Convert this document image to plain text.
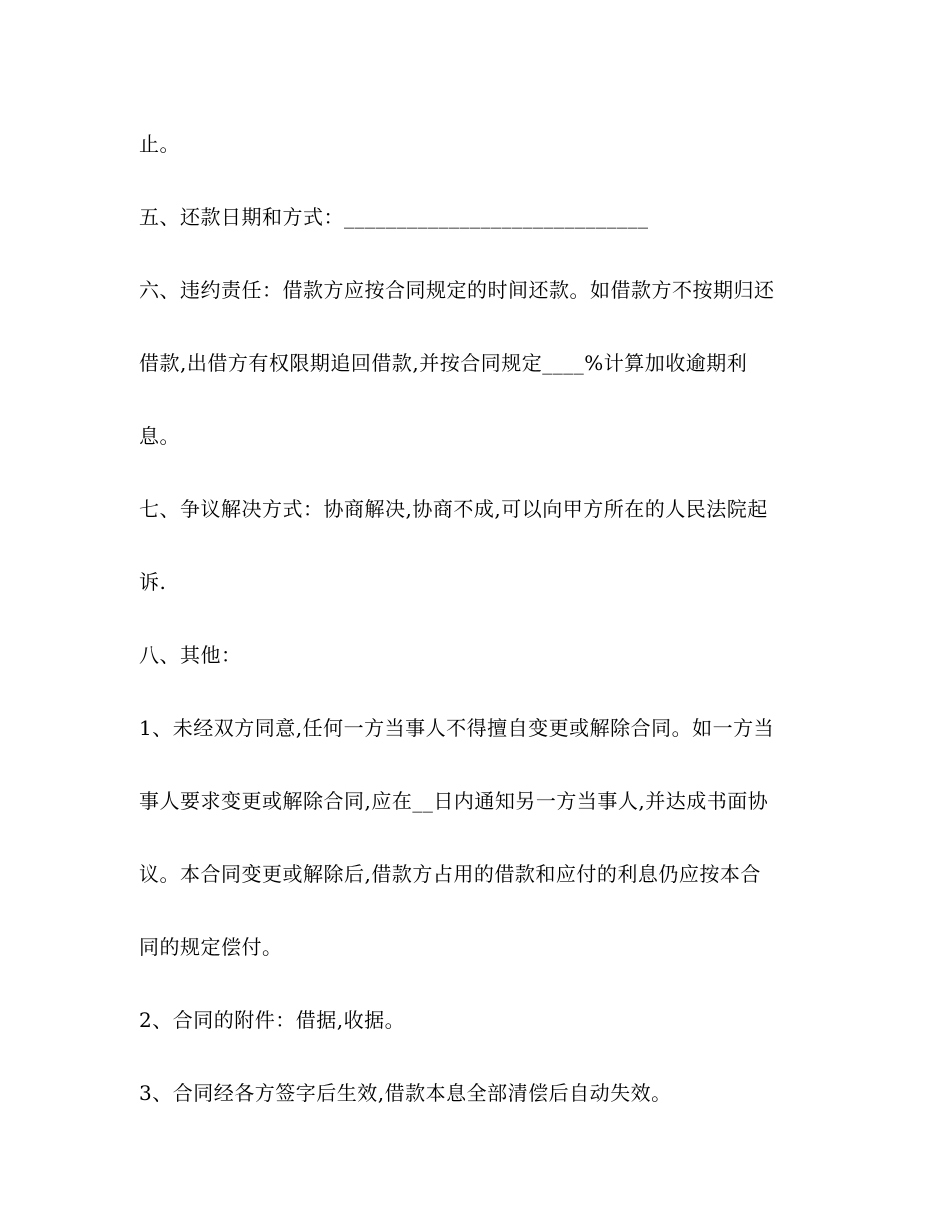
止。
五、还款日期和方式：_____________________________
六、违约责任：借款方应按合同规定的时间还款。如借款方不按期归还
借款,出借方有权限期追回借款,并按合同规定____%计算加收逾期利
息。
七、争议解决方式：协商解决,协商不成,可以向甲方所在的人民法院起
诉.
八、其他：
1、未经双方同意,任何一方当事人不得擅自变更或解除合同。如一方当
事人要求变更或解除合同,应在__日内通知另一方当事人,并达成书面协
议。本合同变更或解除后,借款方占用的借款和应付的利息仍应按本合
同的规定偿付。
2、合同的附件：借据,收据。
3、合同经各方签字后生效,借款本息全部清偿后自动失效。
